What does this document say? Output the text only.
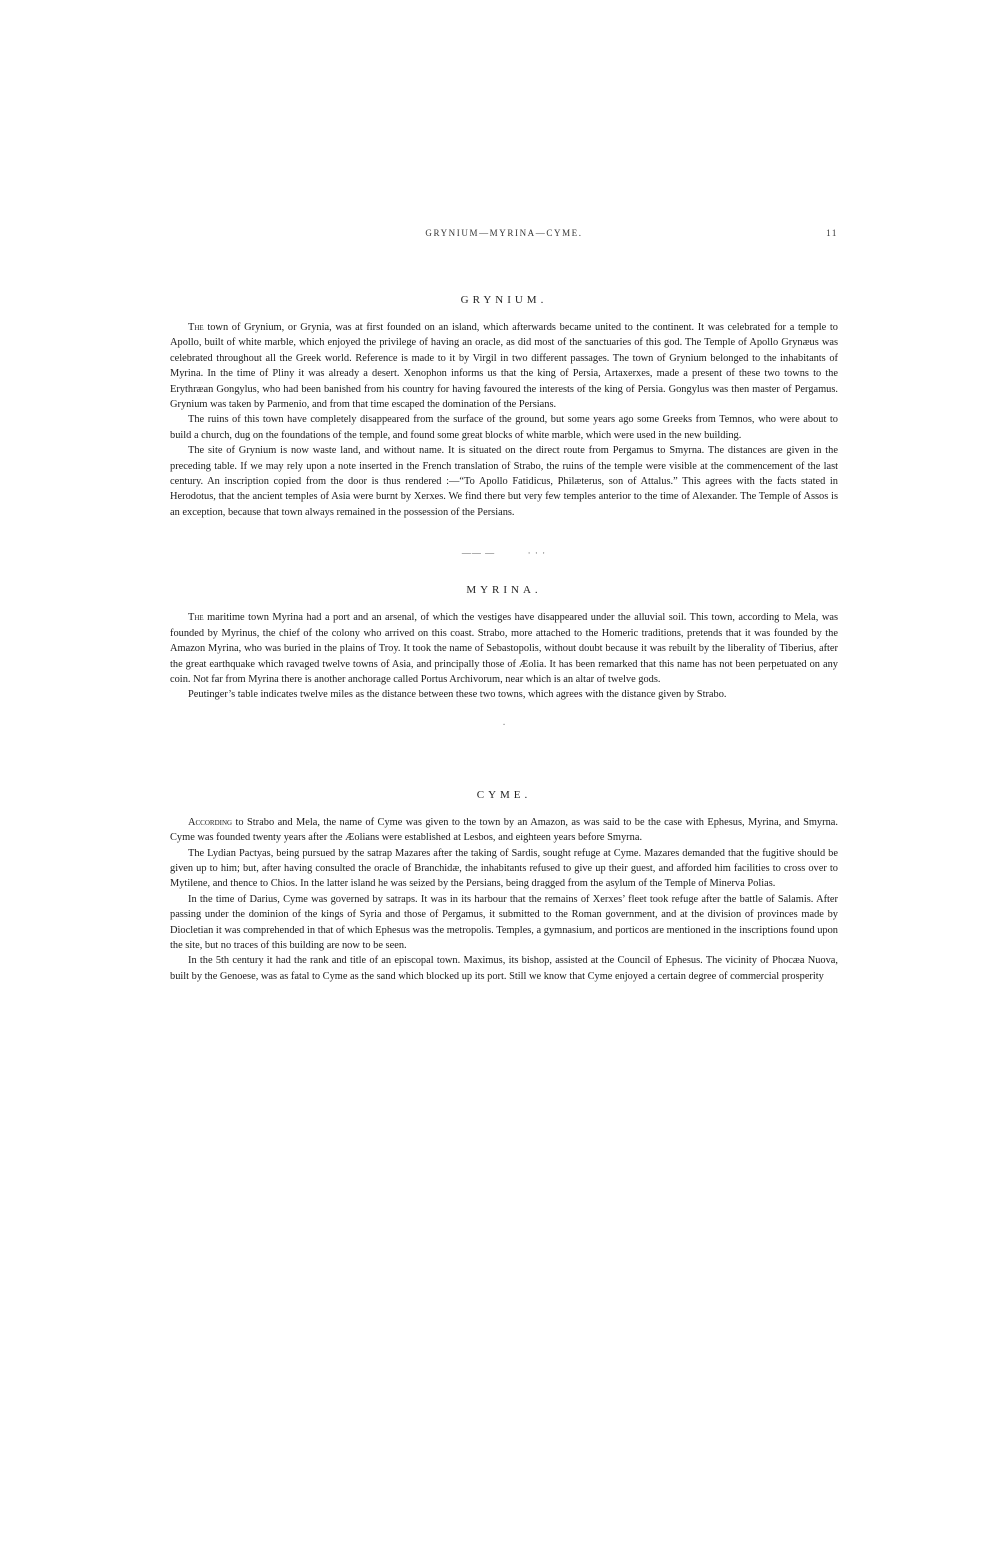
GRYNIUM—MYRINA—CYME.	11
GRYNIUM.

The town of Grynium, or Grynia, was at first founded on an island, which afterwards became united to the continent. It was celebrated for a temple to Apollo, built of white marble, which enjoyed the privilege of having an oracle, as did most of the sanctuaries of this god. The Temple of Apollo Grynæus was celebrated throughout all the Greek world. Reference is made to it by Virgil in two different passages. The town of Grynium belonged to the inhabitants of Myrina. In the time of Pliny it was already a desert. Xenophon informs us that the king of Persia, Artaxerxes, made a present of these two towns to the Erythræan Gongylus, who had been banished from his country for having favoured the interests of the king of Persia. Gongylus was then master of Pergamus. Grynium was taken by Parmenio, and from that time escaped the domination of the Persians.

The ruins of this town have completely disappeared from the surface of the ground, but some years ago some Greeks from Temnos, who were about to build a church, dug on the foundations of the temple, and found some great blocks of white marble, which were used in the new building.

The site of Grynium is now waste land, and without name. It is situated on the direct route from Pergamus to Smyrna. The distances are given in the preceding table. If we may rely upon a note inserted in the French translation of Strabo, the ruins of the temple were visible at the commencement of the last century. An inscription copied from the door is thus rendered :—“To Apollo Fatidicus, Philæterus, son of Attalus.” This agrees with the facts stated in Herodotus, that the ancient temples of Asia were burnt by Xerxes. We find there but very few temples anterior to the time of Alexander. The Temple of Assos is an exception, because that town always remained in the possession of the Persians.

—— —          · · ·
MYRINA.

The maritime town Myrina had a port and an arsenal, of which the vestiges have disappeared under the alluvial soil. This town, according to Mela, was founded by Myrinus, the chief of the colony who arrived on this coast. Strabo, more attached to the Homeric traditions, pretends that it was founded by the Amazon Myrina, who was buried in the plains of Troy. It took the name of Sebastopolis, without doubt because it was rebuilt by the liberality of Tiberius, after the great earthquake which ravaged twelve towns of Asia, and principally those of Æolia. It has been remarked that this name has not been perpetuated on any coin. Not far from Myrina there is another anchorage called Portus Archivorum, near which is an altar of twelve gods.

Peutinger’s table indicates twelve miles as the distance between these two towns, which agrees with the distance given by Strabo.

·
CYME.

According to Strabo and Mela, the name of Cyme was given to the town by an Amazon, as was said to be the case with Ephesus, Myrina, and Smyrna. Cyme was founded twenty years after the Æolians were established at Lesbos, and eighteen years before Smyrna.

The Lydian Pactyas, being pursued by the satrap Mazares after the taking of Sardis, sought refuge at Cyme. Mazares demanded that the fugitive should be given up to him; but, after having consulted the oracle of Branchidæ, the inhabitants refused to give up their guest, and afforded him facilities to cross over to Mytilene, and thence to Chios. In the latter island he was seized by the Persians, being dragged from the asylum of the Temple of Minerva Polias.

In the time of Darius, Cyme was governed by satraps. It was in its harbour that the remains of Xerxes’ fleet took refuge after the battle of Salamis. After passing under the dominion of the kings of Syria and those of Pergamus, it submitted to the Roman government, and at the division of provinces made by Diocletian it was comprehended in that of which Ephesus was the metropolis. Temples, a gymnasium, and porticos are mentioned in the inscriptions found upon the site, but no traces of this building are now to be seen.

In the 5th century it had the rank and title of an episcopal town. Maximus, its bishop, assisted at the Council of Ephesus. The vicinity of Phocæa Nuova, built by the Genoese, was as fatal to Cyme as the sand which blocked up its port. Still we know that Cyme enjoyed a certain degree of commercial prosperity
